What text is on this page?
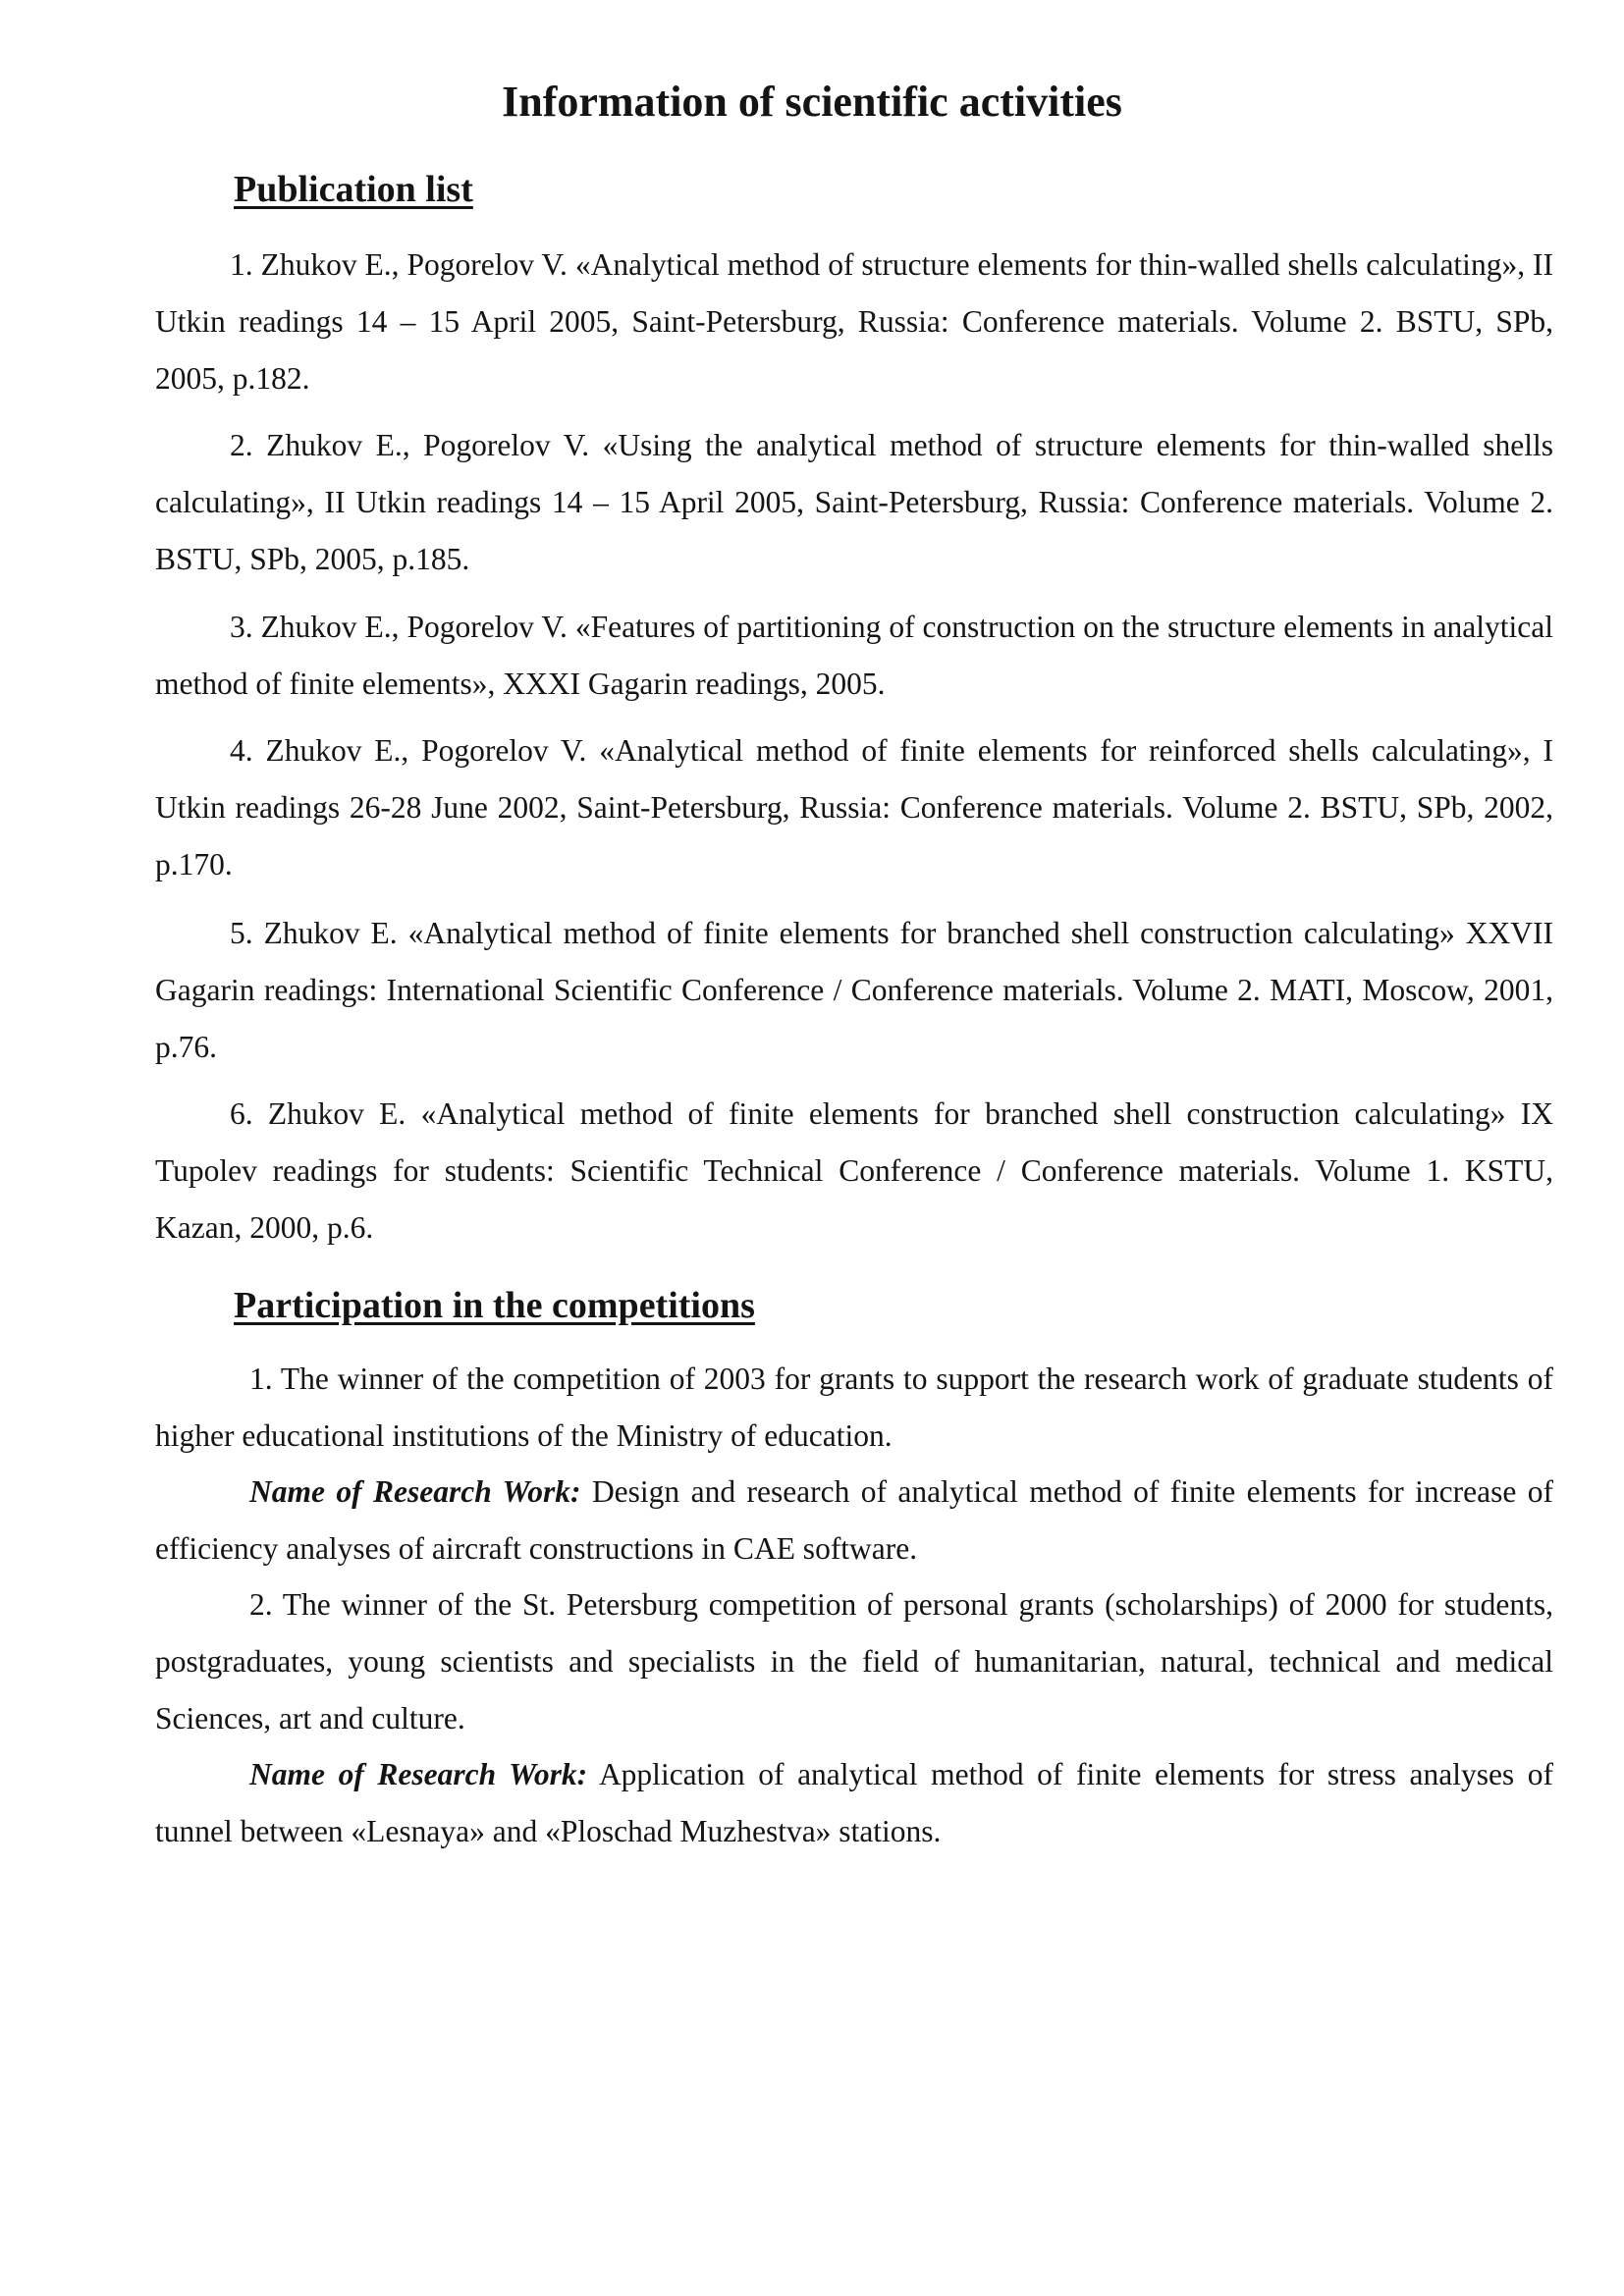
Information of scientific activities
Publication list

1. Zhukov E., Pogorelov V. «Analytical method of structure elements for thin-walled shells calculating», II Utkin readings 14 – 15 April 2005, Saint-Petersburg, Russia: Conference materials. Volume 2. BSTU, SPb, 2005, p.182.

2. Zhukov E., Pogorelov V. «Using the analytical method of structure elements for thin-walled shells calculating», II Utkin readings 14 – 15 April 2005, Saint-Petersburg, Russia: Conference materials. Volume 2. BSTU, SPb, 2005, p.185.

3. Zhukov E., Pogorelov V. «Features of partitioning of construction on the structure elements in analytical method of finite elements», XXXI Gagarin readings, 2005.

4. Zhukov E., Pogorelov V. «Analytical method of finite elements for reinforced shells calculating», I Utkin readings 26-28 June 2002, Saint-Petersburg, Russia: Conference materials. Volume 2. BSTU, SPb, 2002, p.170.

5. Zhukov E. «Analytical method of finite elements for branched shell construction calculating» XXVII Gagarin readings: International Scientific Conference / Conference materials. Volume 2. MATI, Moscow, 2001, p.76.

6. Zhukov E. «Analytical method of finite elements for branched shell construction calculating» IX Tupolev readings for students: Scientific Technical Conference / Conference materials. Volume 1. KSTU, Kazan, 2000, p.6.

Participation in the competitions

1. The winner of the competition of 2003 for grants to support the research work of graduate students of higher educational institutions of the Ministry of education.

Name of Research Work: Design and research of analytical method of finite elements for increase of efficiency analyses of aircraft constructions in CAE software.

2. The winner of the St. Petersburg competition of personal grants (scholarships) of 2000 for students, postgraduates, young scientists and specialists in the field of humanitarian, natural, technical and medical Sciences, art and culture.

Name of Research Work: Application of analytical method of finite elements for stress analyses of tunnel between «Lesnaya» and «Ploschad Muzhestva» stations.
